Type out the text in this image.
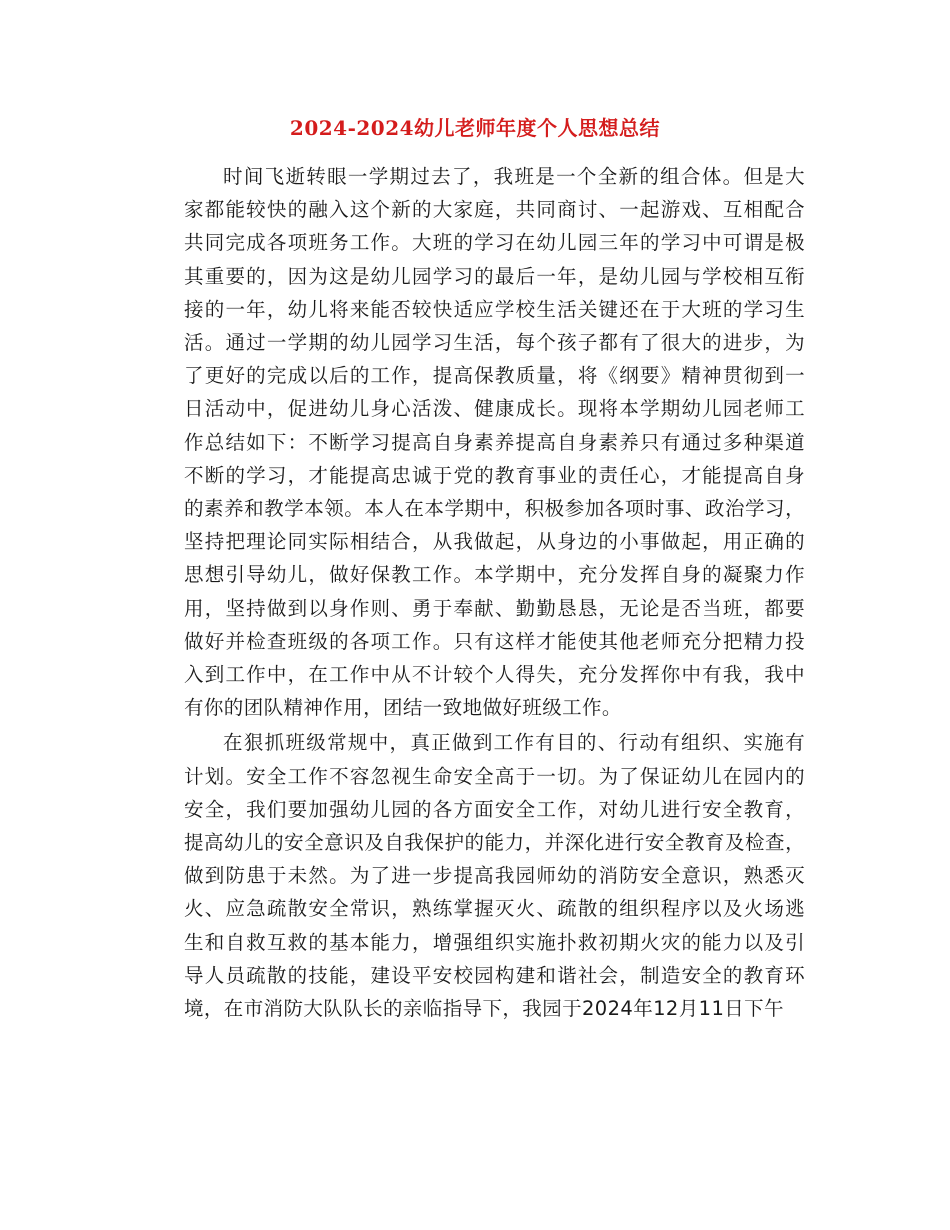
2024-2024幼儿老师年度个人思想总结
时间飞逝转眼一学期过去了，我班是一个全新的组合体。但是大
家都能较快的融入这个新的大家庭，共同商讨、一起游戏、互相配合
共同完成各项班务工作。大班的学习在幼儿园三年的学习中可谓是极
其重要的，因为这是幼儿园学习的最后一年，是幼儿园与学校相互衔
接的一年，幼儿将来能否较快适应学校生活关键还在于大班的学习生
活。通过一学期的幼儿园学习生活，每个孩子都有了很大的进步，为
了更好的完成以后的工作，提高保教质量，将《纲要》精神贯彻到一
日活动中，促进幼儿身心活泼、健康成长。现将本学期幼儿园老师工
作总结如下：不断学习提高自身素养提高自身素养只有通过多种渠道
不断的学习，才能提高忠诚于党的教育事业的责任心，才能提高自身
的素养和教学本领。本人在本学期中，积极参加各项时事、政治学习，
坚持把理论同实际相结合，从我做起，从身边的小事做起，用正确的
思想引导幼儿，做好保教工作。本学期中，充分发挥自身的凝聚力作
用，坚持做到以身作则、勇于奉献、勤勤恳恳，无论是否当班，都要
做好并检查班级的各项工作。只有这样才能使其他老师充分把精力投
入到工作中，在工作中从不计较个人得失，充分发挥你中有我，我中
有你的团队精神作用，团结一致地做好班级工作。
在狠抓班级常规中，真正做到工作有目的、行动有组织、实施有
计划。安全工作不容忽视生命安全高于一切。为了保证幼儿在园内的
安全，我们要加强幼儿园的各方面安全工作，对幼儿进行安全教育，
提高幼儿的安全意识及自我保护的能力，并深化进行安全教育及检查，
做到防患于未然。为了进一步提高我园师幼的消防安全意识，熟悉灭
火、应急疏散安全常识，熟练掌握灭火、疏散的组织程序以及火场逃
生和自救互救的基本能力，增强组织实施扑救初期火灾的能力以及引
导人员疏散的技能，建设平安校园构建和谐社会，制造安全的教育环
境，在市消防大队队长的亲临指导下，我园于2024年12月11日下午
